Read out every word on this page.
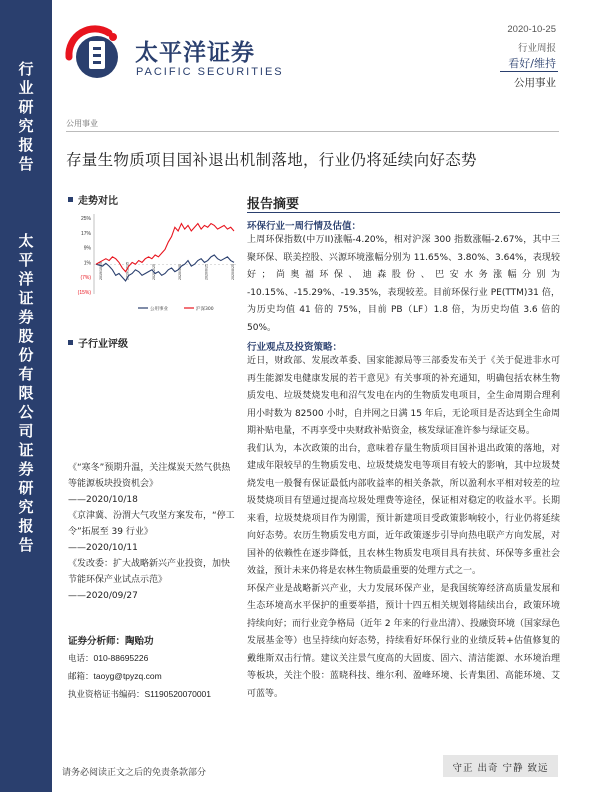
行业研究报告
太平洋证券股份有限公司证券研究报告
太平洋证券
PACIFIC SECURITIES
2020-10-25
行业周报
看好/维持
公用事业
公用事业
存量生物质项目国补退出机制落地，行业仍将延续向好态势
走势对比
25%
17%
9%
1%
(7%)
(15%)
2019/10/25	2019/12/25	2020/2/25	2020/4/25	2020/6/25	2020/8/25
公用事业	沪深300
子行业评级
《“寒冬”预期升温，关注煤炭天然气供热等能源板块投资机会》
——2020/10/18
《京津冀、汾渭大气攻坚方案发布，“停工令”拓展至 39 行业》
——2020/10/11
《发改委：扩大战略新兴产业投资，加快节能环保产业试点示范》
——2020/09/27
证券分析师：陶贻功
电话：010-88695226
邮箱：taoyg@tpyzq.com
执业资格证书编码：S1190520070001
报告摘要
环保行业一周行情及估值：
上周环保指数(中万II)涨幅-4.20%，相对沪深 300 指数涨幅-2.67%，其中三聚环保、联美控股、兴源环境涨幅分别为 11.65%、3.80%、3.64%，表现较好；尚奥福环保、迪森股份、巴安水务涨幅分别为 -10.15%、-15.29%、-19.35%，表现较差。目前环保行业 PE(TTM)31 倍，为历史均值 41 倍的 75%，目前 PB（LF）1.8 倍，为历史均值 3.6 倍的 50%。
行业观点及投资策略：
近日，财政部、发展改革委、国家能源局等三部委发布关于《关于促进非水可再生能源发电健康发展的若干意见》有关事项的补充通知，明确包括农林生物质发电、垃圾焚烧发电和沼气发电在内的生物质发电项目，全生命周期合理利用小时数为 82500 小时，自并网之日满 15 年后，无论项目是否达到全生命周期补贴电量，不再享受中央财政补贴资金，核发绿证准许参与绿证交易。
我们认为，本次政策的出台，意味着存量生物质项目国补退出政策的落地，对建成年限较早的生物质发电、垃圾焚烧发电等项目有较大的影响，其中垃圾焚烧发电一般餐有保证最低内部收益率的相关条款，所以盈利水平相对较差的垃圾焚烧项目有望通过提高垃圾处理费等途径，保证相对稳定的收益水平。长期来看，垃圾焚烧项目作为刚需，预计新建项目受政策影响较小，行业仍将延续向好态势。农历生物质发电方面，近年政策逐步引导向热电联产方向发展，对国补的依赖性在逐步降低，且农林生物质发电项目具有扶贫、环保等多重社会效益，预计未来仍将是农林生物质最重要的处理方式之一。
环保产业是战略新兴产业，大力发展环保产业，是我国统筹经济高质量发展和生态环境高水平保护的重要举措，预计十四五相关规划将陆续出台，政策环境持续向好；而行业竞争格局（近年 2 年来的行业出清）、投融资环境（国家绿色发展基金等）也呈持续向好态势，持续看好环保行业的业绩反转+估值修复的戴维斯双击行情。建议关注景气度高的大固废、固六、清洁能源、水环境治理等板块，关注个股：蓝晓科技、维尔利、盈峰环境、长青集团、高能环境、艾可蓝等。
请务必阅读正文之后的免责条款部分	守正 出奇 宁静 致远
